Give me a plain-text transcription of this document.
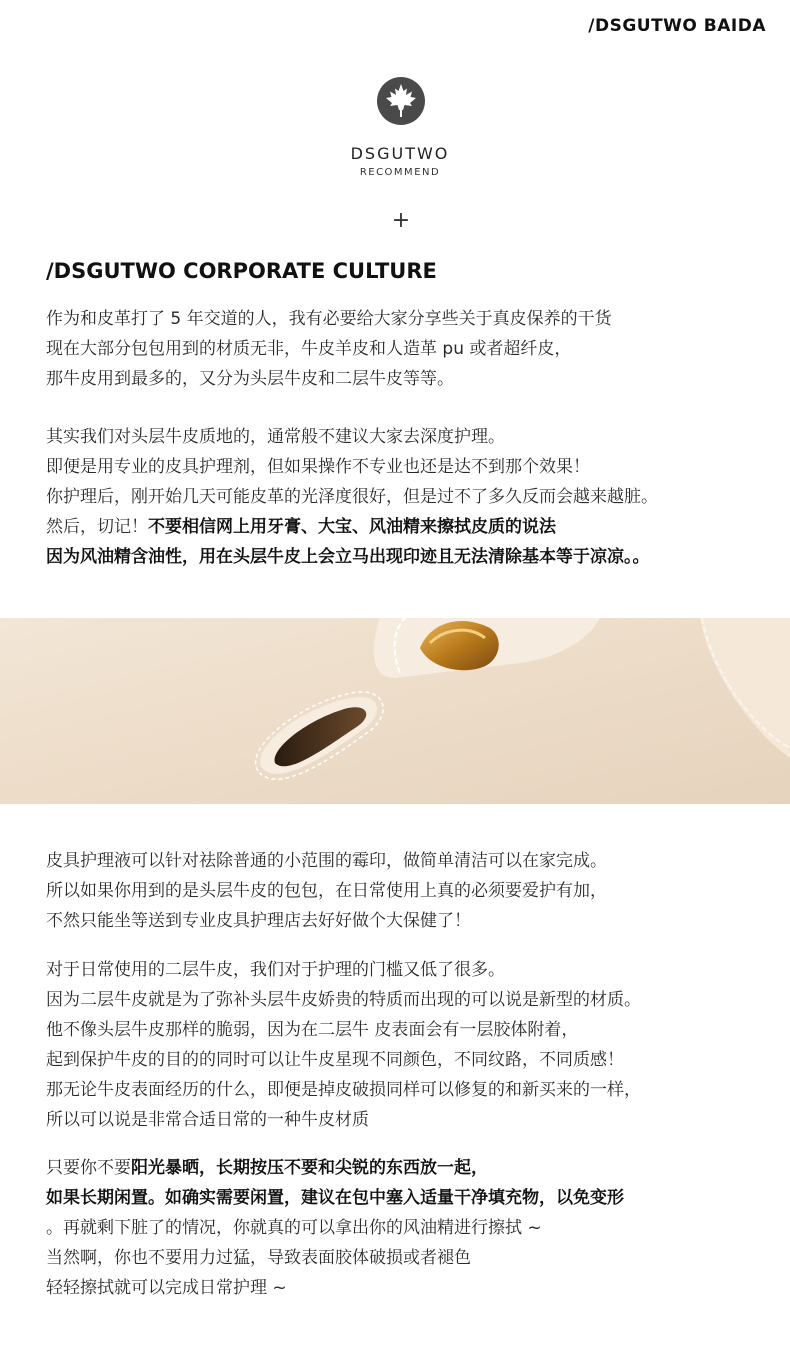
/DSGUTWO BAIDA
DSGUTWO
RECOMMEND
+
/DSGUTWO CORPORATE CULTURE
作为和皮革打了 5 年交道的人，我有必要给大家分享些关于真皮保养的干货
现在大部分包包用到的材质无非，牛皮羊皮和人造革 pu 或者超纤皮，
那牛皮用到最多的，又分为头层牛皮和二层牛皮等等。
其实我们对头层牛皮质地的，通常般不建议大家去深度护理。
即便是用专业的皮具护理剂，但如果操作不专业也还是达不到那个效果！
你护理后，刚开始几天可能皮革的光泽度很好，但是过不了多久反而会越来越脏。
然后，切记！不要相信网上用牙膏、大宝、风油精来擦拭皮质的说法
因为风油精含油性，用在头层牛皮上会立马出现印迹且无法清除基本等于凉凉。。
皮具护理液可以针对祛除普通的小范围的霉印，做简单清洁可以在家完成。
所以如果你用到的是头层牛皮的包包，在日常使用上真的必须要爱护有加，
不然只能坐等送到专业皮具护理店去好好做个大保健了！
对于日常使用的二层牛皮，我们对于护理的门槛又低了很多。
因为二层牛皮就是为了弥补头层牛皮娇贵的特质而出现的可以说是新型的材质。
他不像头层牛皮那样的脆弱，因为在二层牛 皮表面会有一层胶体附着，
起到保护牛皮的目的的同时可以让牛皮星现不同颜色，不同纹路，不同质感！
那无论牛皮表面经历的什么，即便是掉皮破损同样可以修复的和新买来的一样，
所以可以说是非常合适日常的一种牛皮材质
只要你不要阳光暴晒，长期按压不要和尖锐的东西放一起，
如果长期闲置。如确实需要闲置，建议在包中塞入适量干净填充物，以免变形
。再就剩下脏了的情况，你就真的可以拿出你的风油精进行擦拭 ~
当然啊，你也不要用力过猛，导致表面胶体破损或者褪色
轻轻擦拭就可以完成日常护理 ~
